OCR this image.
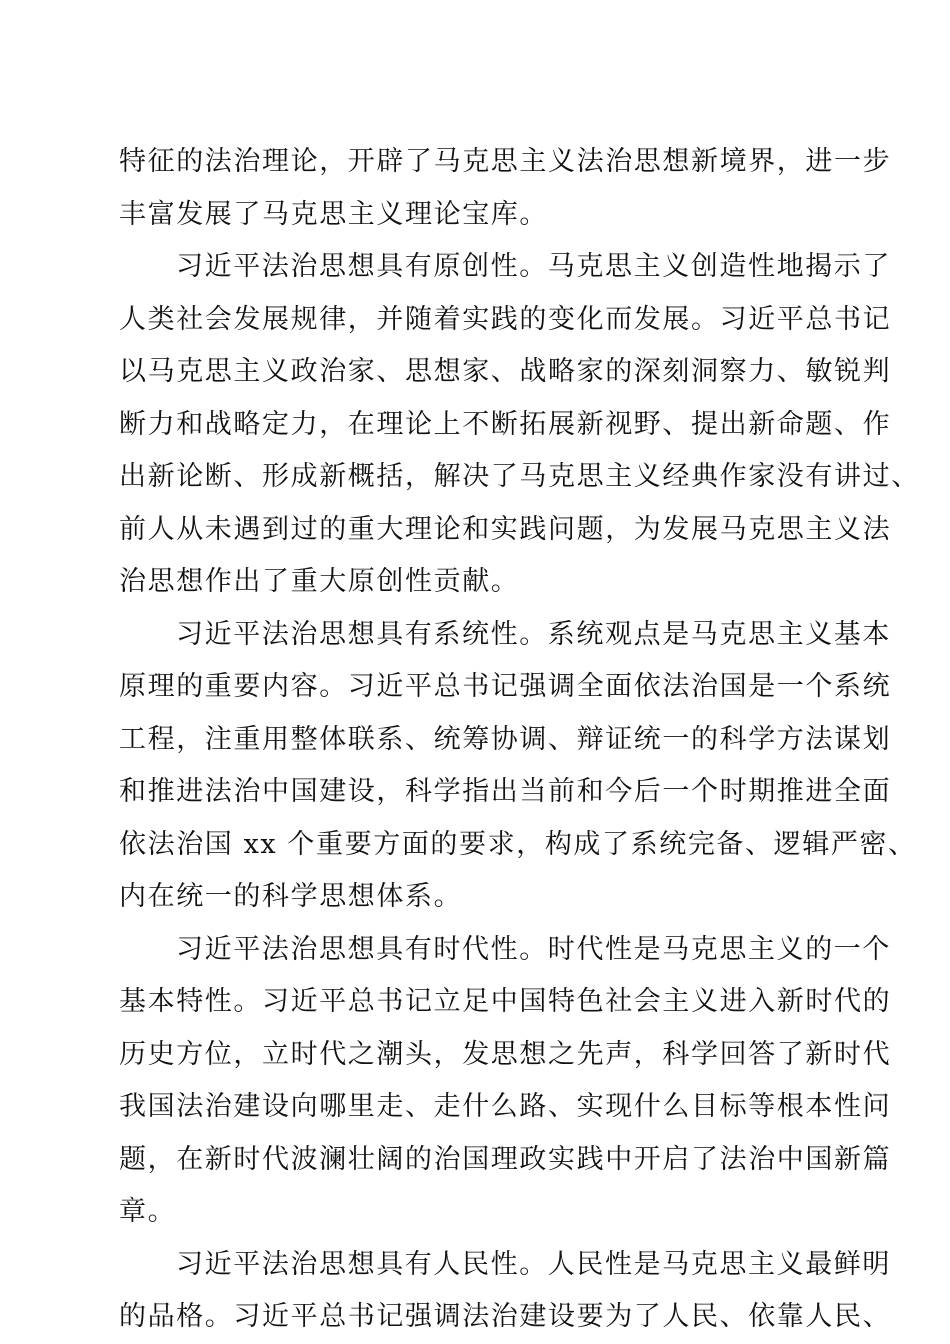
特征的法治理论，开辟了马克思主义法治思想新境界，进一步
丰富发展了马克思主义理论宝库。
习近平法治思想具有原创性。马克思主义创造性地揭示了
人类社会发展规律，并随着实践的变化而发展。习近平总书记
以马克思主义政治家、思想家、战略家的深刻洞察力、敏锐判
断力和战略定力，在理论上不断拓展新视野、提出新命题、作
出新论断、形成新概括，解决了马克思主义经典作家没有讲过、
前人从未遇到过的重大理论和实践问题，为发展马克思主义法
治思想作出了重大原创性贡献。
习近平法治思想具有系统性。系统观点是马克思主义基本
原理的重要内容。习近平总书记强调全面依法治国是一个系统
工程，注重用整体联系、统筹协调、辩证统一的科学方法谋划
和推进法治中国建设，科学指出当前和今后一个时期推进全面
依法治国 xx 个重要方面的要求，构成了系统完备、逻辑严密、
内在统一的科学思想体系。
习近平法治思想具有时代性。时代性是马克思主义的一个
基本特性。习近平总书记立足中国特色社会主义进入新时代的
历史方位，立时代之潮头，发思想之先声，科学回答了新时代
我国法治建设向哪里走、走什么路、实现什么目标等根本性问
题，在新时代波澜壮阔的治国理政实践中开启了法治中国新篇
章。
习近平法治思想具有人民性。人民性是马克思主义最鲜明
的品格。习近平总书记强调法治建设要为了人民、依靠人民、
